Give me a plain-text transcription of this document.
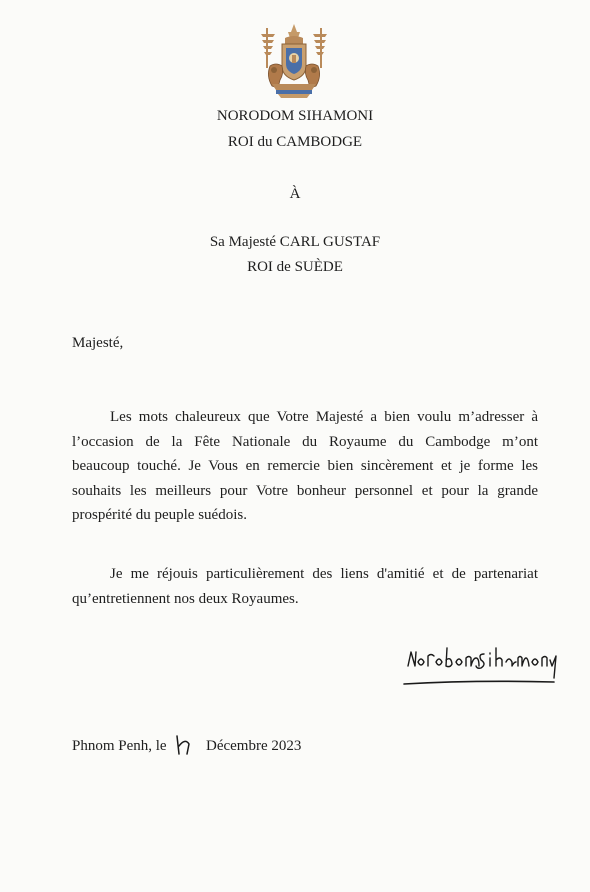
NORODOM SIHAMONI
ROI du CAMBODGE
À
Sa Majesté CARL GUSTAF
ROI de SUÈDE
Majesté,
Les mots chaleureux que Votre Majesté a bien voulu m’adresser à
l’occasion de la Fête Nationale du Royaume du Cambodge m’ont
beaucoup touché. Je Vous en remercie bien sincèrement et je forme les
souhaits les meilleurs pour Votre bonheur personnel et pour la grande
prospérité du peuple suédois.
Je me réjouis particulièrement des liens d'amitié et de partenariat
qu’entretiennent nos deux Royaumes.
Phnom Penh, le	Décembre 2023
